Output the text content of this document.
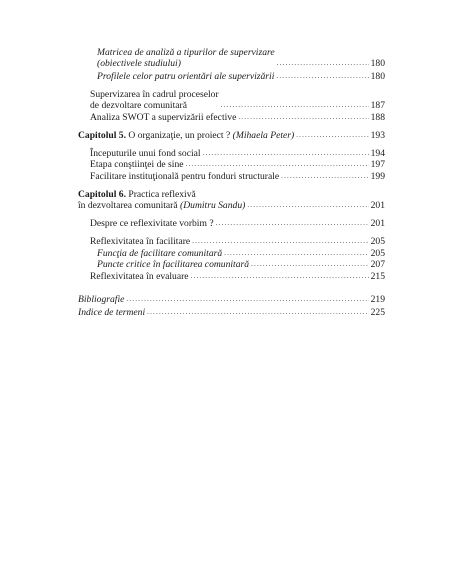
Matricea de analiză a tipurilor de supervizare
(obiectivele studiului) .....	180
Profilele celor patru orientări ale supervizării .....	180
Supervizarea în cadrul proceselor
de dezvoltare comunitară .....	187
Analiza SWOT a supervizării efective .....	188
Capitolul 5. O organizaţie, un proiect ? (Mihaela Peter) .....	193
Începuturile unui fond social .....	194
Etapa conştiinţei de sine .....	197
Facilitare instituţională pentru fonduri structurale .....	199
Capitolul 6. Practica reflexivă
în dezvoltarea comunitară (Dumitru Sandu) .....	201
Despre ce reflexivitate vorbim ? .....	201
Reflexivitatea în facilitare .....	205
Funcţia de facilitare comunitară .....	205
Puncte critice în facilitarea comunitară .....	207
Reflexivitatea în evaluare .....	215
Bibliografie .....	219
Indice de termeni .....	225
